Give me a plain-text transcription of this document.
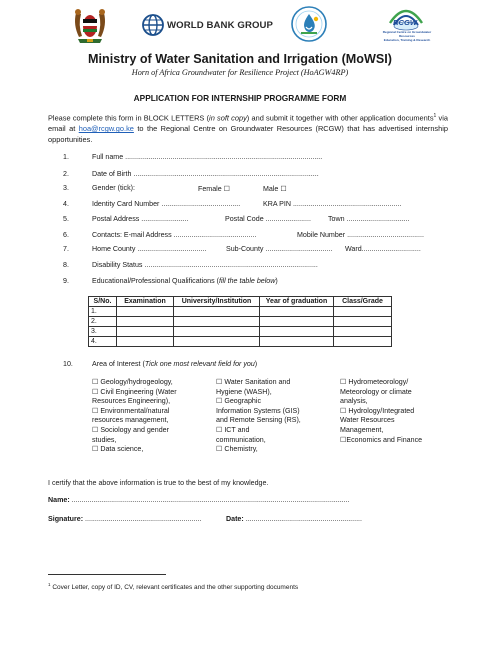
WORLD BANK GROUP	RCGW
Regional Centre on Groundwater Resources
Education, Training & Research
Ministry of Water Sanitation and Irrigation (MoWSI)
Horn of Africa Groundwater for Resilience Project (HoAGW4RP)
APPLICATION FOR INTERNSHIP PROGRAMME FORM
Please complete this form in BLOCK LETTERS (in soft copy) and submit it together with other application documents$^1$ via email at hoa@rcgw.go.ke to the Regional Centre on Groundwater Resources (RCGW) that has advertised internship opportunities.
1.	Full name ....................................................................................................
2.	Date of Birth ..............................................................................................
3.	Gender (tick):	Female ☐	Male ☐
4.	Identity Card Number ........................................	KRA PIN .......................................................
5.	Postal Address ........................	Postal Code ....................... Town ................................
6.	Contacts: E-mail Address ..........................................	Mobile Number .......................................
7.	Home County ...................................	Sub-County .................................. Ward..............................
8.	Disability Status ........................................................................................
9.	Educational/Professional Qualifications (fill the table below)
S/No.	Examination	University/Institution	Year of graduation	Class/Grade
1.				
2.				
3.				
4.				
10.	Area of Interest (Tick one most relevant field for you)
☐ Geology/hydrogeology,
☐ Civil Engineering (Water
Resources Engineering),
☐ Environmental/natural
resources management,
☐ Sociology and gender
studies,
☐ Data science,
☐ Water Sanitation and
Hygiene (WASH),
☐ Geographic
Information Systems (GIS)
and Remote Sensing (RS),
☐ ICT and
communication,
☐ Chemistry,
☐ Hydrometeorology/
Meteorology or climate
analysis,
☐ Hydrology/Integrated
Water Resources
Management,
☐Economics and Finance
I certify that the above information is true to the best of my knowledge.
Name: .............................................................................................................................................
Signature: ...........................................................	Date: ...........................................................
$^1$ Cover Letter, copy of ID, CV, relevant certificates and the other supporting documents
